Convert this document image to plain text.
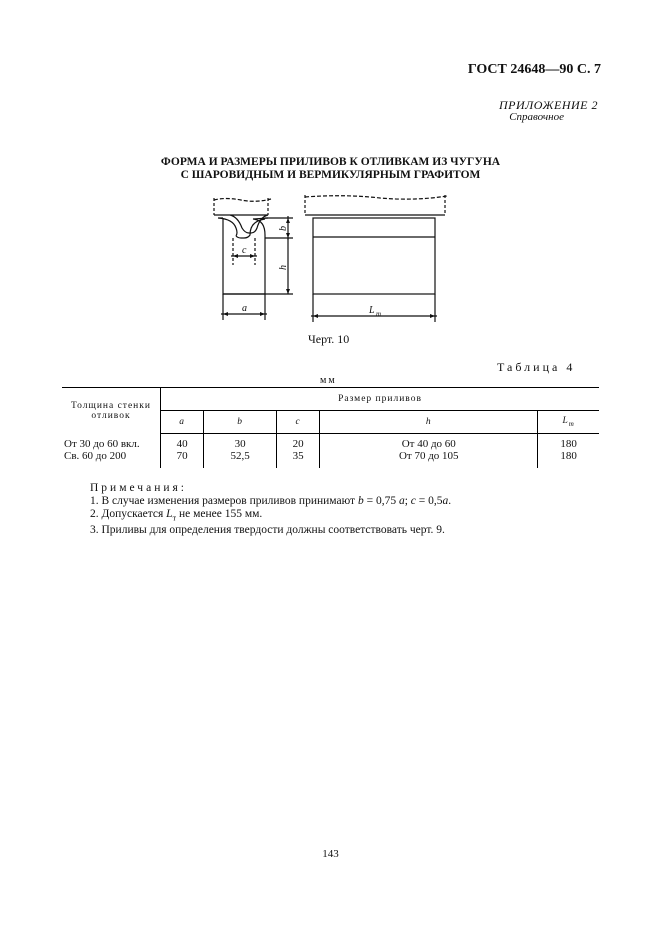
ГОСТ 24648—90 С. 7
ПРИЛОЖЕНИЕ 2
Справочное
ФОРМА И РАЗМЕРЫ ПРИЛИВОВ К ОТЛИВКАМ ИЗ ЧУГУНА
С ШАРОВИДНЫМ И ВЕРМИКУЛЯРНЫМ ГРАФИТОМ
c
a
b
h
L т
Черт. 10
Таблица 4
мм
Толщина стенки отливок	Размер приливов				
	a	b	c	h	$L_т$
От 30 до 60 вкл.	40	30	20	От 40 до 60	180
Св. 60 до 200	70	52,5	35	От 70 до 105	180
Примечания:
1. В случае изменения размеров приливов принимают b = 0,75 a; c = 0,5a.
2. Допускается $L_т$ не менее 155 мм.
3. Приливы для определения твердости должны соответствовать черт. 9.
143
